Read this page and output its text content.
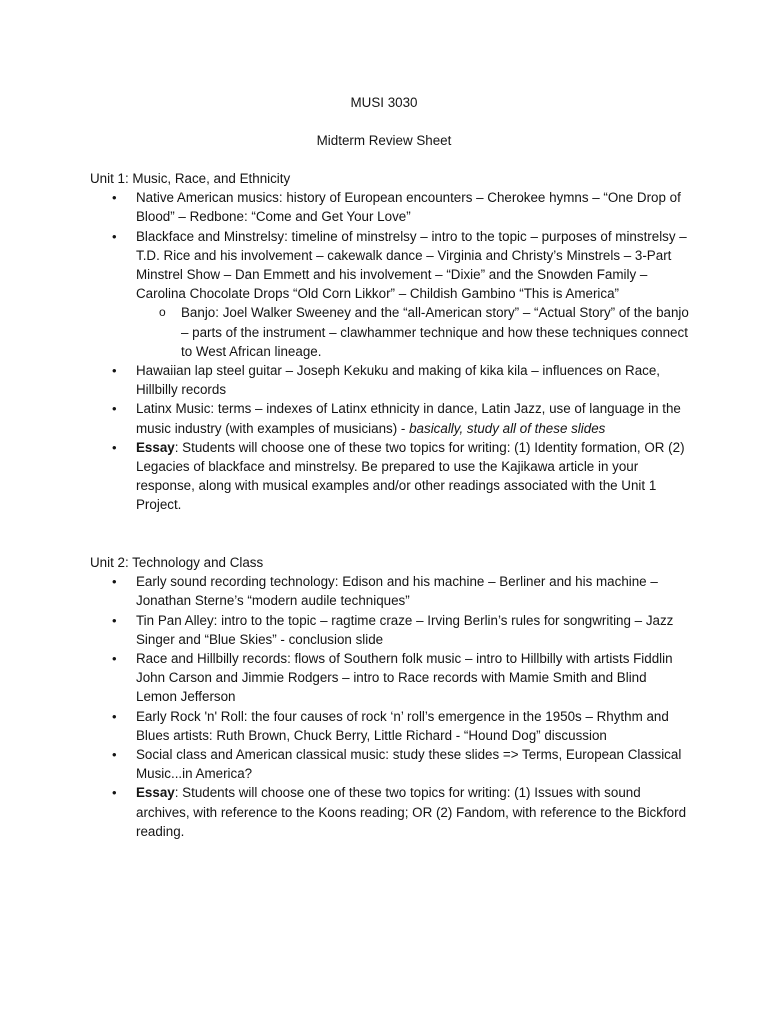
MUSI 3030
Midterm Review Sheet

Unit 1: Music, Race, and Ethnicity

• Native American musics: history of European encounters – Cherokee hymns – “One Drop of Blood” – Redbone: “Come and Get Your Love”
• Blackface and Minstrelsy: timeline of minstrelsy – intro to the topic – purposes of minstrelsy – T.D. Rice and his involvement – cakewalk dance – Virginia and Christy’s Minstrels – 3-Part Minstrel Show – Dan Emmett and his involvement – “Dixie” and the Snowden Family – Carolina Chocolate Drops “Old Corn Likkor” – Childish Gambino “This is America”
o Banjo: Joel Walker Sweeney and the “all-American story” – “Actual Story” of the banjo – parts of the instrument – clawhammer technique and how these techniques connect to West African lineage.
• Hawaiian lap steel guitar – Joseph Kekuku and making of kika kila – influences on Race, Hillbilly records
• Latinx Music: terms – indexes of Latinx ethnicity in dance, Latin Jazz, use of language in the music industry (with examples of musicians) - basically, study all of these slides
• Essay: Students will choose one of these two topics for writing: (1) Identity formation, OR (2) Legacies of blackface and minstrelsy. Be prepared to use the Kajikawa article in your response, along with musical examples and/or other readings associated with the Unit 1 Project.

Unit 2: Technology and Class

• Early sound recording technology: Edison and his machine – Berliner and his machine – Jonathan Sterne’s “modern audile techniques”
• Tin Pan Alley: intro to the topic – ragtime craze – Irving Berlin’s rules for songwriting – Jazz Singer and “Blue Skies” - conclusion slide
• Race and Hillbilly records: flows of Southern folk music – intro to Hillbilly with artists Fiddlin John Carson and Jimmie Rodgers – intro to Race records with Mamie Smith and Blind Lemon Jefferson
• Early Rock 'n' Roll: the four causes of rock ‘n’ roll’s emergence in the 1950s – Rhythm and Blues artists: Ruth Brown, Chuck Berry, Little Richard - “Hound Dog” discussion
• Social class and American classical music: study these slides => Terms, European Classical Music...in America?
• Essay: Students will choose one of these two topics for writing: (1) Issues with sound archives, with reference to the Koons reading; OR (2) Fandom, with reference to the Bickford reading.
